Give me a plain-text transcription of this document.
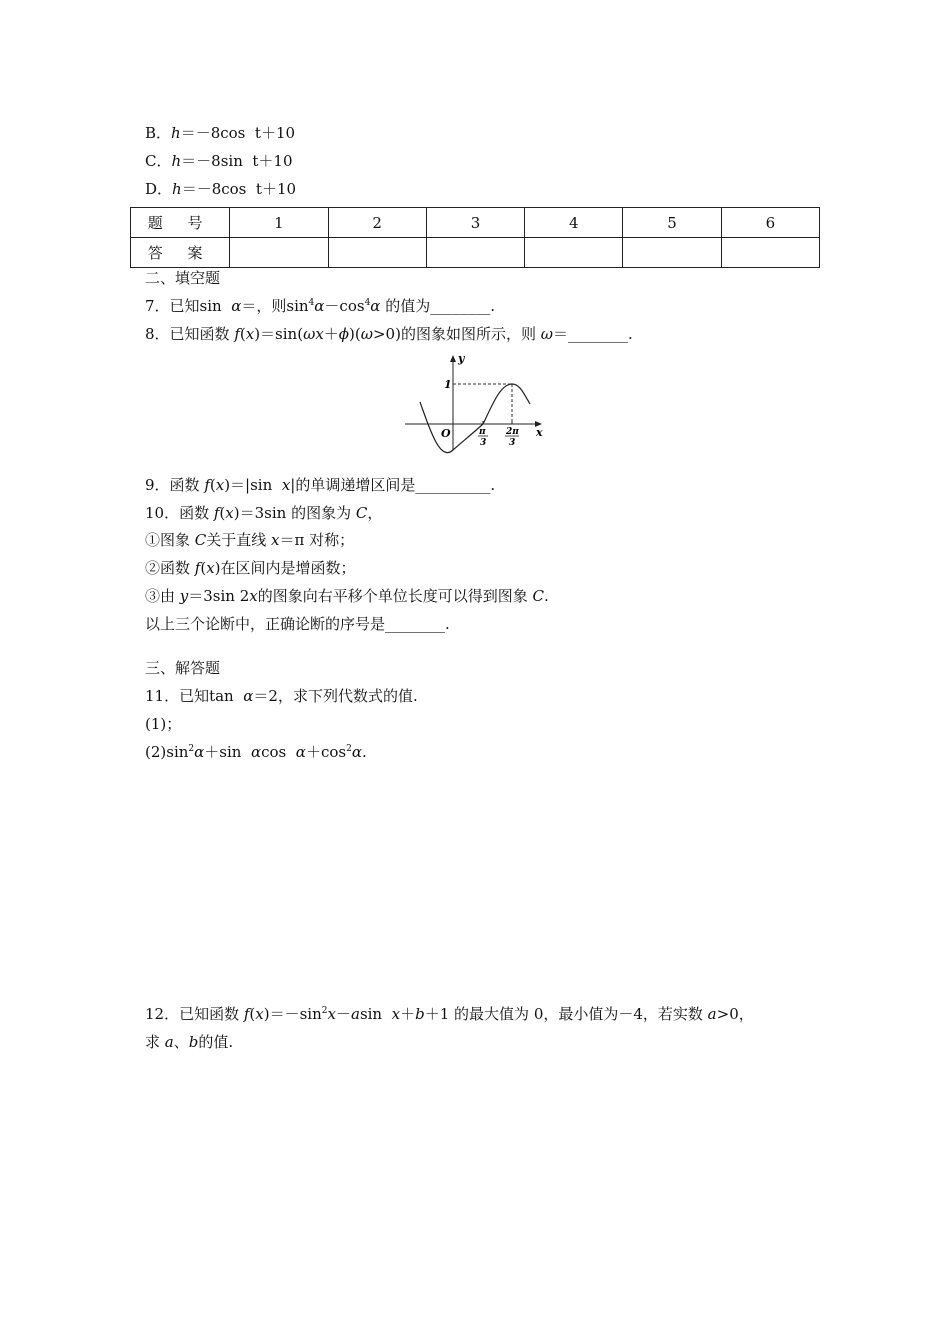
B．h＝－8cos  t＋10
C．h＝－8sin  t＋10
D．h＝－8cos  t＋10
题 号	1	2	3	4	5	6
答 案						
二、填空题
7．已知sin  α＝，则$\sin^4\alpha-\cos^4\alpha$ 的值为________.
8．已知函数 f(x)＝sin(ωx＋ϕ)(ω>0)的图象如图所示，则 ω＝________.
y
x
O
1
π
3
2π
3
9．函数 f(x)＝|sin  x|的单调递增区间是__________.
10．函数 f(x)＝3sin 的图象为 C，
①图象 C关于直线 x＝π 对称；
②函数 f(x)在区间内是增函数；
③由 y＝3sin 2x的图象向右平移个单位长度可以得到图象 C.
以上三个论断中，正确论断的序号是________.
三、解答题
11．已知tan  α＝2，求下列代数式的值.
(1)；
$(2)\sin^2\alpha+\sin$  αcos  $\alpha+\cos^2\alpha$.
12．已知函数 $f(x)=-\sin^2x-asin$  x＋b＋1 的最大值为 0，最小值为－4，若实数 a>0，
求 a、b的值.
